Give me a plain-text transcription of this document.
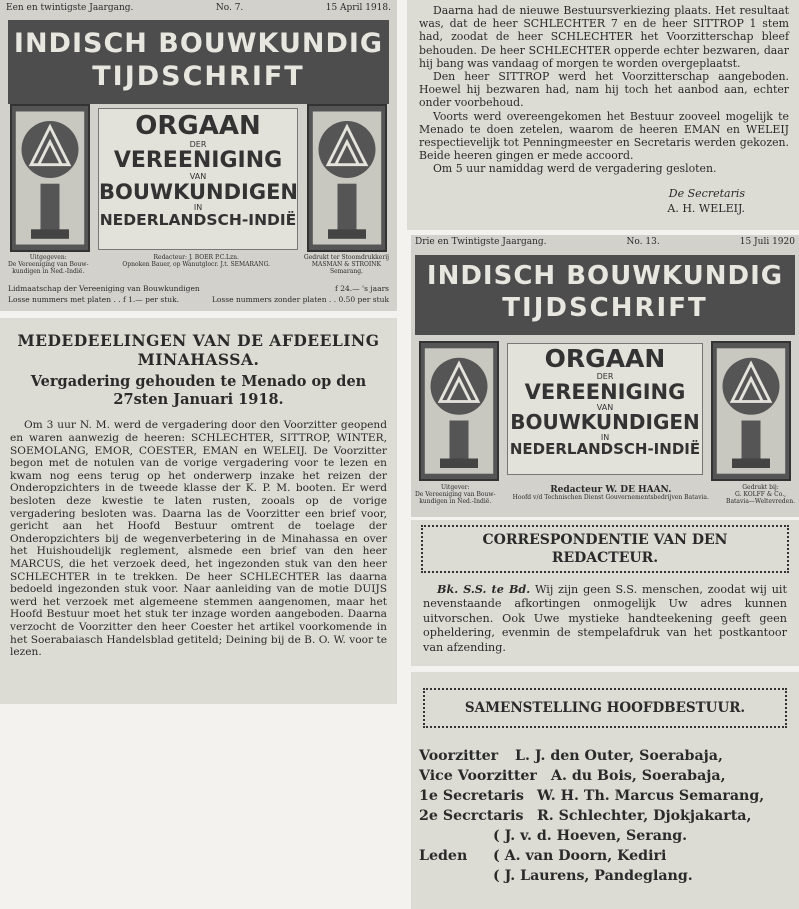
Een en twintigste Jaargang.	No. 7.	15 April 1918.
INDISCH BOUWKUNDIG
TIJDSCHRIFT
ORGAAN
DER
VEREENIGING
VAN
BOUWKUNDIGEN
IN
NEDERLANDSCH-INDIË
Uitgegeven:
De Vereeniging van Bouw-
kundigen in Ned.-Indië.
Redacteur: J. BOER P.C.Lzn.
Opnoken Bauer, op Wanutglocr. J.t. SEMARANG.
Gedrukt ter Stoomdrukkerij
MASMAN & STROINK
Semarang.
Lidmaatschap der Vereeniging van Bouwkundigen	f 24.— 's jaars
Losse nummers met platen . . f 1.— per stuk.	Losse nummers zonder platen . . 0.50 per stuk
MEDEDEELINGEN VAN DE AFDEELING MINAHASSA.
Vergadering gehouden te Menado op den 27sten Januari 1918.

Om 3 uur N. M. werd de vergadering door den Voorzitter geopend en waren aanwezig de heeren: SCHLECHTER, SITTROP, WINTER, SOEMOLANG, EMOR, COESTER, EMAN en WELEIJ. De Voorzitter begon met de notulen van de vorige vergadering voor te lezen en kwam nog eens terug op het onderwerp inzake het reizen der Onderopzichters in de tweede klasse der K. P. M. booten. Er werd besloten deze kwestie te laten rusten, zooals op de vorige vergadering besloten was. Daarna las de Voorzitter een brief voor, gericht aan het Hoofd Bestuur omtrent de toelage der Onderopzichters bij de wegenverbetering in de Minahassa en over het Huishoudelijk reglement, alsmede een brief van den heer MARCUS, die het verzoek deed, het ingezonden stuk van den heer SCHLECHTER in te trekken. De heer SCHLECHTER las daarna bedoeld ingezonden stuk voor. Naar aanleiding van de motie DUIJS werd het verzoek met algemeene stemmen aangenomen, maar het Hoofd Bestuur moet het stuk ter inzage worden aangeboden. Daarna verzocht de Voorzitter den heer Coester het artikel voorkomende in het Soerabaiasch Handelsblad getiteld; Deining bij de B. O. W. voor te lezen.

Daarna had de nieuwe Bestuursverkiezing plaats. Het resultaat was, dat de heer SCHLECHTER 7 en de heer SITTROP 1 stem had, zoodat de heer SCHLECHTER het Voorzitterschap bleef behouden. De heer SCHLECHTER opperde echter bezwaren, daar hij bang was vandaag of morgen te worden overgeplaatst.

Den heer SITTROP werd het Voorzitterschap aangeboden. Hoewel hij bezwaren had, nam hij toch het aanbod aan, echter onder voorbehoud.

Voorts werd overeengekomen het Bestuur zooveel mogelijk te Menado te doen zetelen, waarom de heeren EMAN en WELEIJ respectievelijk tot Penningmeester en Secretaris werden gekozen. Beide heeren gingen er mede accoord.

Om 5 uur namiddag werd de vergadering gesloten.

De Secretaris
A. H. WELEIJ.
Drie en Twintigste Jaargang.	No. 13.	15 Juli 1920
INDISCH BOUWKUNDIG
TIJDSCHRIFT
ORGAAN
DER
VEREENIGING
VAN
BOUWKUNDIGEN
IN
NEDERLANDSCH-INDIË
Uitgever:
De Vereeniging van Bouw-
kundigen in Ned.-Indië.
Redacteur W. DE HAAN.
Hoofd v/d Technischen Dienst Gouvernementsbedrijven Batavia.
Gedrukt bij:
G. KOLFF & Co.,
Batavia—Weltevreden.
CORRESPONDENTIE VAN DEN REDACTEUR.

Bk. S.S. te Bd. Wij zijn geen S.S. menschen, zoodat wij uit nevenstaande afkortingen onmogelijk Uw adres kunnen uitvorschen. Ook Uwe mystieke handteekening geeft geen opheldering, evenmin de stempelafdruk van het postkantoor van afzending.

SAMENSTELLING HOOFDBESTUUR.
Voorzitter	L. J. den Outer, Soerabaja,
Vice Voorzitter A. du Bois, Soerabaja,
1e Secretaris W. H. Th. Marcus Semarang,
2e Secrctaris R. Schlechter, Djokjakarta,
Leden
( J. v. d. Hoeven, Serang.
( A. van Doorn, Kediri
( J. Laurens, Pandeglang.
